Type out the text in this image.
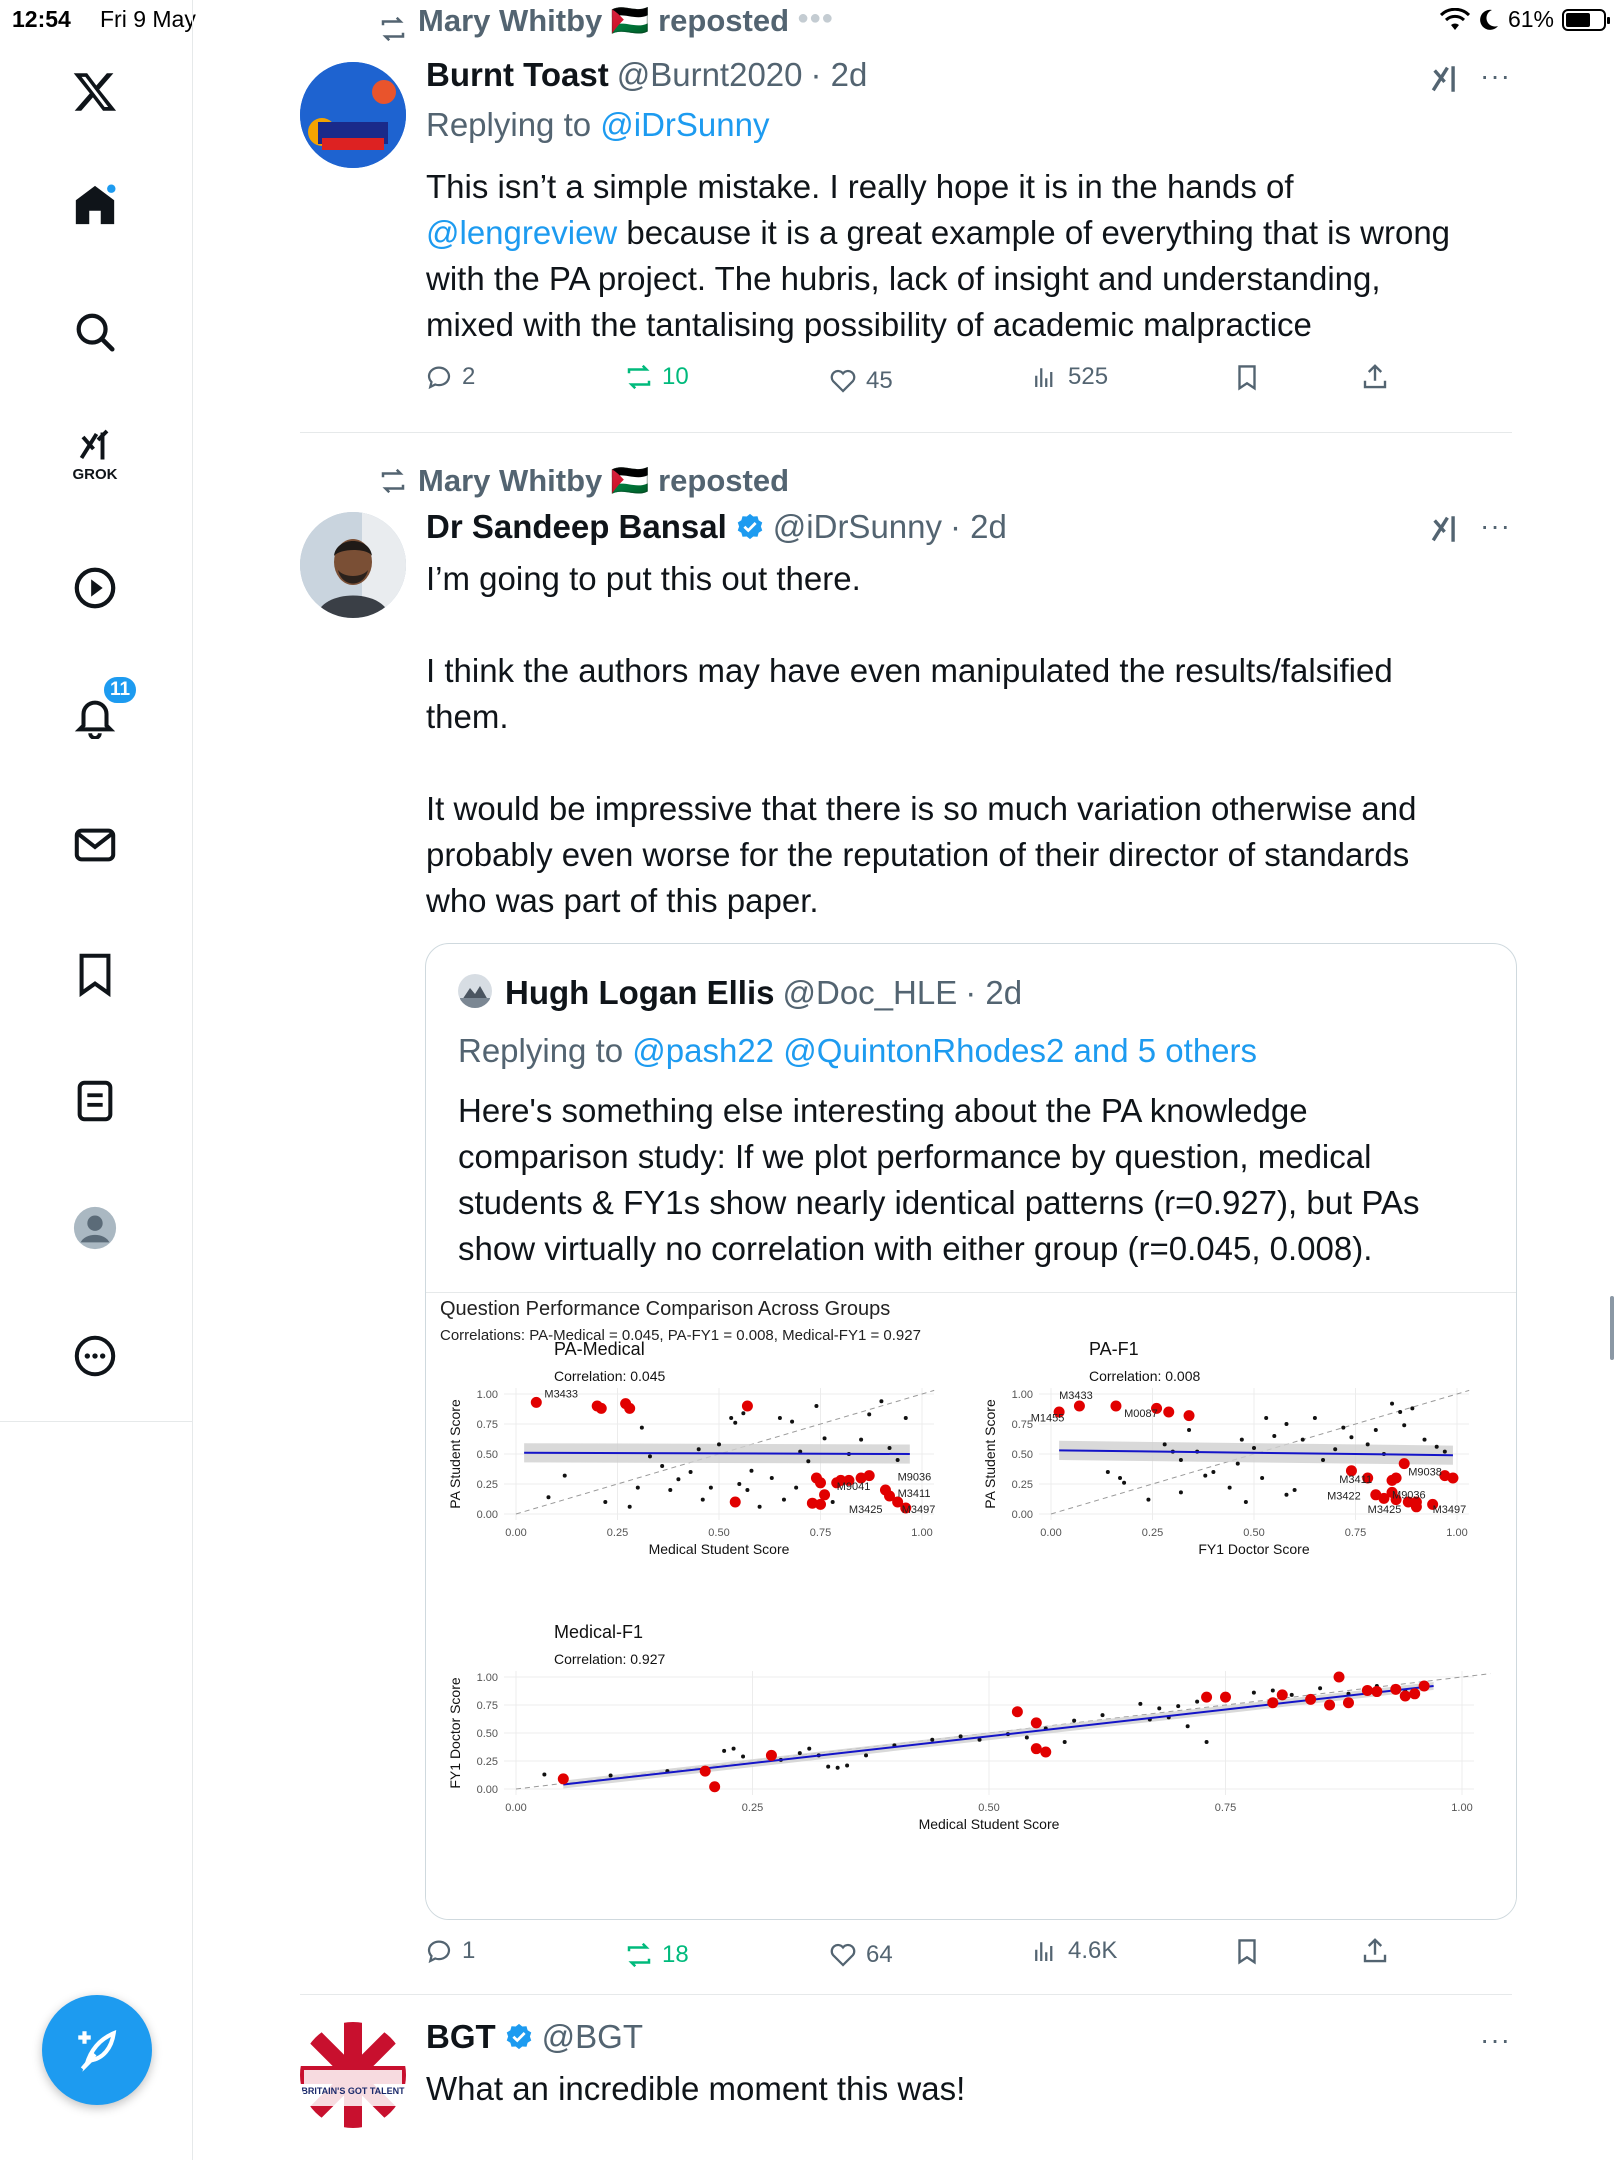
12:54 Fri 9 May	61%
GROK
11
Mary Whitby 🇵🇸 reposted ●●●
Burnt Toast @Burnt2020 · 2d	···
Replying to @iDrSunny
This isn’t a simple mistake. I really hope it is in the hands of
@lengreview because it is a great example of everything that is wrong
with the PA project. The hubris, lack of insight and understanding,
mixed with the tantalising possibility of academic malpractice
2	10	45	525
Mary Whitby 🇵🇸 reposted
Dr Sandeep Bansal @iDrSunny · 2d	···
I’m going to put this out there.
I think the authors may have even manipulated the results/falsified
them.
It would be impressive that there is so much variation otherwise and
probably even worse for the reputation of their director of standards
who was part of this paper.
Hugh Logan Ellis @Doc_HLE · 2d
Replying to @pash22 @QuintonRhodes2 and 5 others
Here's something else interesting about the PA knowledge
comparison study: If we plot performance by question, medical
students & FY1s show nearly identical patterns (r=0.927), but PAs
show virtually no correlation with either group (r=0.045, 0.008).
Question Performance Comparison Across Groups
Correlations: PA-Medical = 0.045, PA-FY1 = 0.008, Medical-FY1 = 0.927
M3433
M9036
M9041
M3411
M3425 M3497
0.00
0.00
0.25
0.25
0.50
0.50
0.75
0.75
1.00
1.00
PA-Medical
Correlation: 0.045
Medical Student Score
PA Student Score
M3433
M1455	M0087
M9038
M3411
M3422	M9036
M3425	M3497
0.00
0.00
0.25
0.25
0.50
0.50
0.75
0.75
1.00
1.00
PA-F1
Correlation: 0.008
FY1 Doctor Score
PA Student Score
0.00
0.00
0.25
0.25
0.50
0.50
0.75
0.75
1.00
1.00
Medical-F1
Correlation: 0.927
Medical Student Score
FY1 Doctor Score
1	18	64	4.6K
BRITAIN'S GOT TALENT
BGT @BGT	···
What an incredible moment this was!
